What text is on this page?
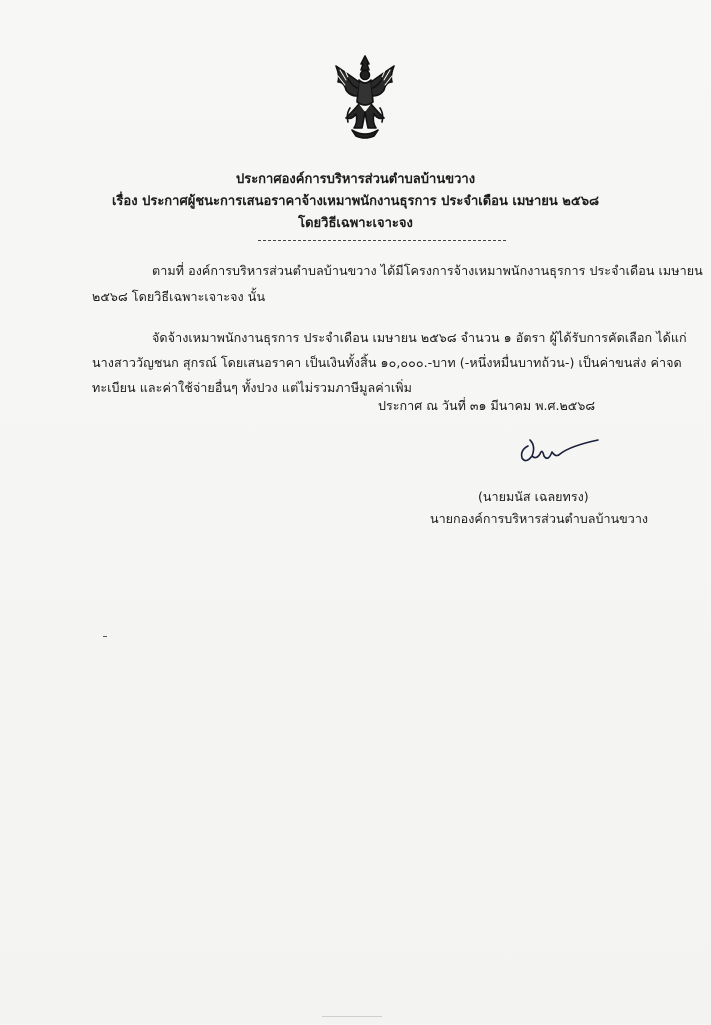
ประกาศองค์การบริหารส่วนตำบลบ้านขวาง
เรื่อง ประกาศผู้ชนะการเสนอราคาจ้างเหมาพนักงานธุรการ ประจำเดือน เมษายน ๒๕๖๘
โดยวิธีเฉพาะเจาะจง
ตามที่ องค์การบริหารส่วนตำบลบ้านขวาง ได้มีโครงการจ้างเหมาพนักงานธุรการ ประจำเดือน เมษายน
๒๕๖๘ โดยวิธีเฉพาะเจาะจง นั้น
จัดจ้างเหมาพนักงานธุรการ ประจำเดือน เมษายน ๒๕๖๘ จำนวน ๑ อัตรา ผู้ได้รับการคัดเลือก ได้แก่
นางสาววัญชนก สุกรณ์ โดยเสนอราคา เป็นเงินทั้งสิ้น ๑๐,๐๐๐.-บาท (-หนึ่งหมื่นบาทถ้วน-) เป็นค่าขนส่ง ค่าจด
ทะเบียน และค่าใช้จ่ายอื่นๆ ทั้งปวง แต่ไม่รวมภาษีมูลค่าเพิ่ม
ประกาศ ณ วันที่ ๓๑ มีนาคม พ.ศ.๒๕๖๘
(นายมนัส เฉลยทรง)
นายกองค์การบริหารส่วนตำบลบ้านขวาง
